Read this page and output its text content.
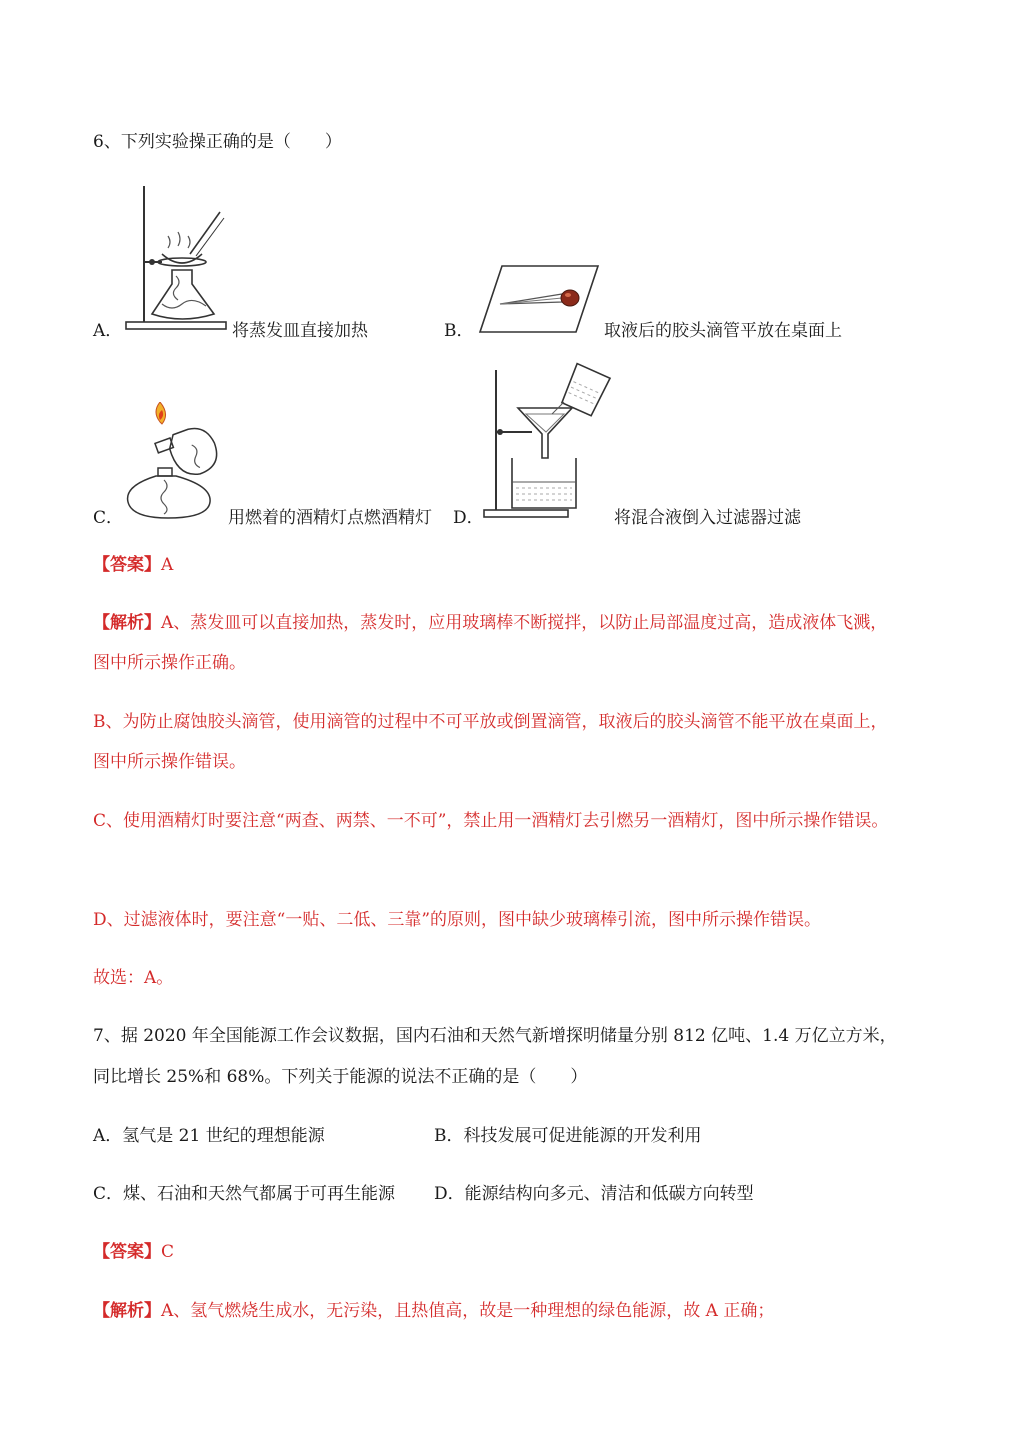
6、下列实验操正确的是（　　）
A．	将蒸发皿直接加热	B．	取液后的胶头滴管平放在桌面上
C．	用燃着的酒精灯点燃酒精灯 D．	将混合液倒入过滤器过滤
【答案】A
【解析】A、蒸发皿可以直接加热，蒸发时，应用玻璃棒不断搅拌，以防止局部温度过高，造成液体飞溅，
图中所示操作正确。
B、为防止腐蚀胶头滴管，使用滴管的过程中不可平放或倒置滴管，取液后的胶头滴管不能平放在桌面上，
图中所示操作错误。
C、使用酒精灯时要注意“两查、两禁、一不可”，禁止用一酒精灯去引燃另一酒精灯，图中所示操作错误。
D、过滤液体时，要注意“一贴、二低、三靠”的原则，图中缺少玻璃棒引流，图中所示操作错误。
故选：A。
7、据 2020 年全国能源工作会议数据，国内石油和天然气新增探明储量分别 812 亿吨、1.4 万亿立方米，
同比增长 25%和 68%。下列关于能源的说法不正确的是（　　）
A．氢气是 21 世纪的理想能源	B．科技发展可促进能源的开发利用
C．煤、石油和天然气都属于可再生能源 D．能源结构向多元、清洁和低碳方向转型
【答案】C
【解析】A、氢气燃烧生成水，无污染，且热值高，故是一种理想的绿色能源，故 A 正确；
